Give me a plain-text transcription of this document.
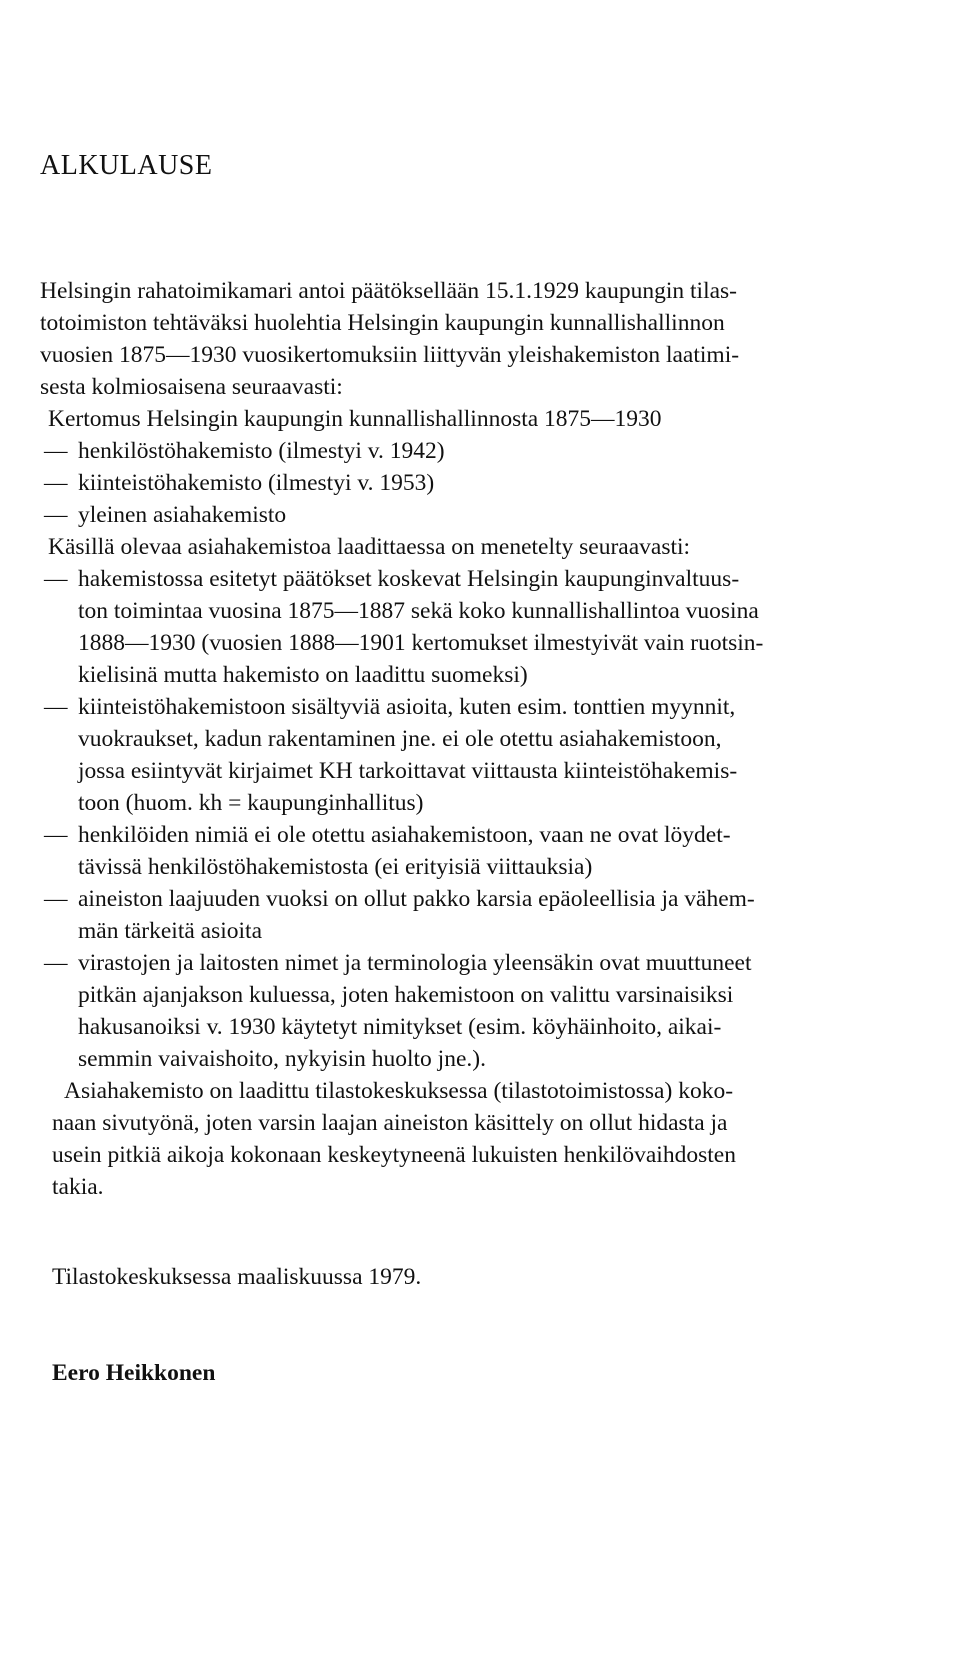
ALKULAUSE

Helsingin rahatoimikamari antoi päätöksellään 15.1.1929 kaupungin tilas-

totoimiston tehtäväksi huolehtia Helsingin kaupungin kunnallishallinnon

vuosien 1875—1930 vuosikertomuksiin liittyvän yleishakemiston laatimi-

sesta kolmiosaisena seuraavasti:

Kertomus Helsingin kaupungin kunnallishallinnosta 1875—1930

— henkilöstöhakemisto (ilmestyi v. 1942)

— kiinteistöhakemisto (ilmestyi v. 1953)

— yleinen asiahakemisto

Käsillä olevaa asiahakemistoa laadittaessa on menetelty seuraavasti:

— hakemistossa esitetyt päätökset koskevat Helsingin kaupunginvaltuus-

ton toimintaa vuosina 1875—1887 sekä koko kunnallishallintoa vuosina

1888—1930 (vuosien 1888—1901 kertomukset ilmestyivät vain ruotsin-

kielisinä mutta hakemisto on laadittu suomeksi)

— kiinteistöhakemistoon sisältyviä asioita, kuten esim. tonttien myynnit,

vuokraukset, kadun rakentaminen jne. ei ole otettu asiahakemistoon,

jossa esiintyvät kirjaimet KH tarkoittavat viittausta kiinteistöhakemis-

toon (huom. kh = kaupunginhallitus)

— henkilöiden nimiä ei ole otettu asiahakemistoon, vaan ne ovat löydet-

tävissä henkilöstöhakemistosta (ei erityisiä viittauksia)

— aineiston laajuuden vuoksi on ollut pakko karsia epäoleellisia ja vähem-

män tärkeitä asioita

— virastojen ja laitosten nimet ja terminologia yleensäkin ovat muuttuneet

pitkän ajanjakson kuluessa, joten hakemistoon on valittu varsinaisiksi

hakusanoiksi v. 1930 käytetyt nimitykset (esim. köyhäinhoito, aikai-

semmin vaivaishoito, nykyisin huolto jne.).

Asiahakemisto on laadittu tilastokeskuksessa (tilastotoimistossa) koko-

naan sivutyönä, joten varsin laajan aineiston käsittely on ollut hidasta ja

usein pitkiä aikoja kokonaan keskeytyneenä lukuisten henkilövaihdosten

takia.

Tilastokeskuksessa maaliskuussa 1979.
Eero Heikkonen
